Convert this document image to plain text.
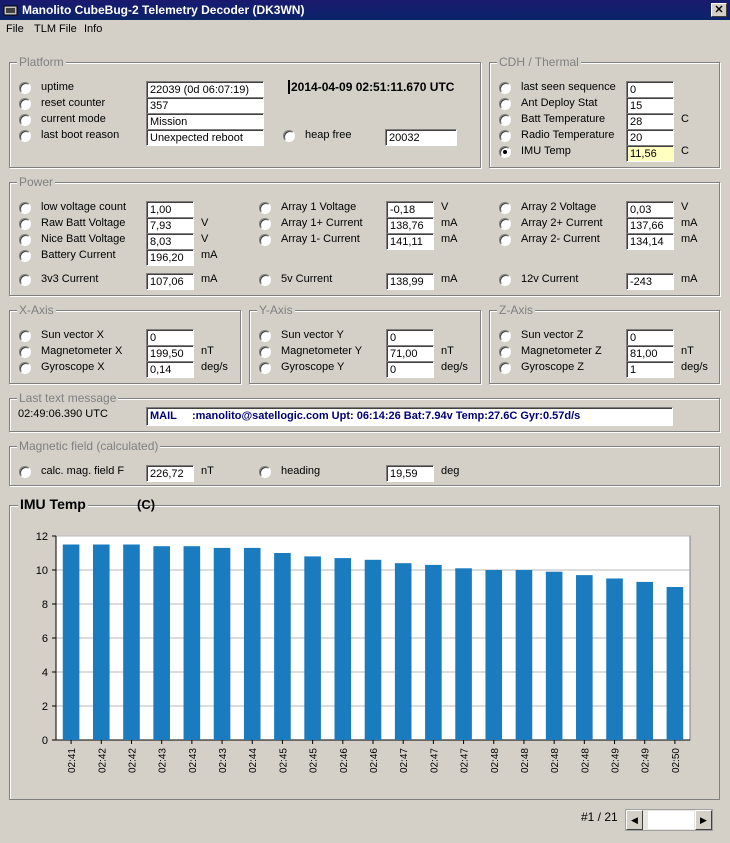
Manolito CubeBug-2 Telemetry Decoder (DK3WN)	✕
File TLM File Info
Platform
uptime	22039 (0d 06:07:19)
reset counter	357
current mode	Mission
last boot reason	Unexpected reboot
2014-04-09 02:51:11.670 UTC
heap free	20032
CDH / Thermal
Power
X-Axis	Y-Axis	Z-Axis
Last text message
02:49:06.390 UTC	MAIL     :manolito@satellogic.com Upt: 06:14:26 Bat:7.94v Temp:27.6C Gyr:0.57d/s
Magnetic field (calculated)
calc. mag. field F	226,72	nT	heading	19,59	deg
IMU Temp	(C)
0
2
4
6
8
10
12
02:41 02:42 02:42 02:43 02:43 02:43 02:44 02:45 02:45 02:46 02:46 02:47 02:47 02:47 02:48 02:48 02:48 02:48 02:49 02:49 02:50
#1 / 21	◀	▶
last seen sequence	0
Ant Deploy Stat	15
Batt Temperature	28	C
Radio Temperature	20
IMU Temp	11,56	C
low voltage count	1,00
Raw Batt Voltage	7,93	V
Nice Batt Voltage	8,03	V
Battery Current	196,20	mA
Array 1 Voltage	-0,18	V
Array 1+ Current	138,76	mA
Array 1- Current	141,11	mA
Array 2 Voltage	0,03	V
Array 2+ Current	137,66	mA
Array 2- Current	134,14	mA
3v3 Current	107,06	mA	5v Current	138,99	mA	12v Current	-243	mA
Sun vector X	0
Magnetometer X	199,50	nT
Gyroscope X	0,14	deg/s
Sun vector Y	0
Magnetometer Y	71,00	nT
Gyroscope Y	0	deg/s
Sun vector Z	0
Magnetometer Z	81,00	nT
Gyroscope Z	1	deg/s
